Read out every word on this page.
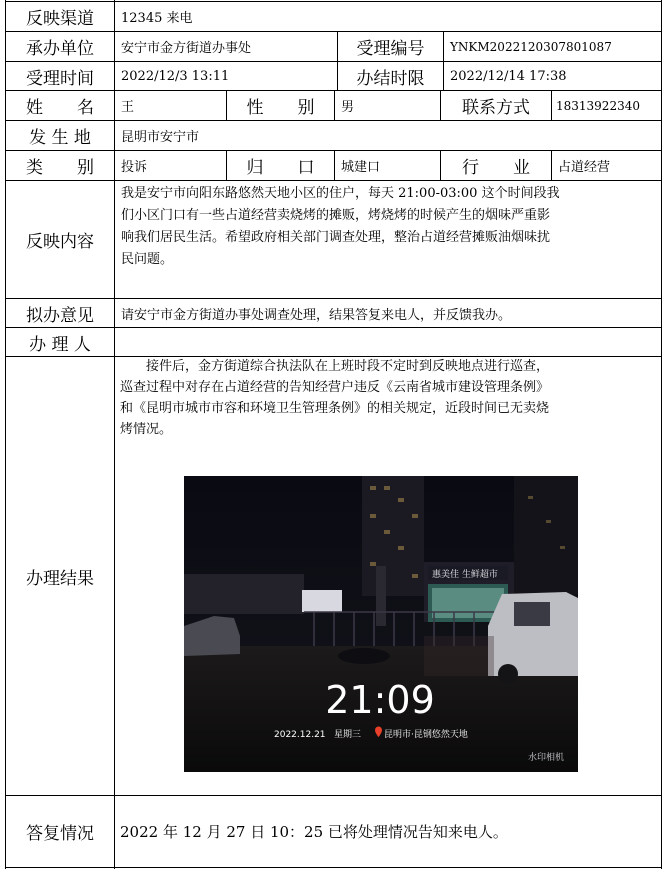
反映渠道	12345 来电
承办单位	安宁市金方街道办事处	受理编号	YNKM2022120307801087
受理时间	2022/12/3 13:11	办结时限	2022/12/14 17:38
姓　　名	王	性　　别	男	联系方式	18313922340
发 生 地	昆明市安宁市
类　　别	投诉	归　　口	城建口	行　　业	占道经营
反映内容
我是安宁市向阳东路悠然天地小区的住户，每天 21:00-03:00 这个时间段我
们小区门口有一些占道经营卖烧烤的摊贩，烤烧烤的时候产生的烟味严重影
响我们居民生活。希望政府相关部门调查处理，整治占道经营摊贩油烟味扰
民问题。
拟办意见	请安宁市金方街道办事处调查处理，结果答复来电人，并反馈我办。
办 理 人
办理结果
　　接件后，金方街道综合执法队在上班时段不定时到反映地点进行巡查，
巡查过程中对存在占道经营的告知经营户违反《云南省城市建设管理条例》
和《昆明市城市市容和环境卫生管理条例》的相关规定，近段时间已无卖烧
烤情况。
惠美佳 生鲜超市
21:09
2022.12.21 星期三	昆明市·昆钢悠然天地
水印相机
答复情况	2022 年 12 月 27 日 10：25 已将处理情况告知来电人。
